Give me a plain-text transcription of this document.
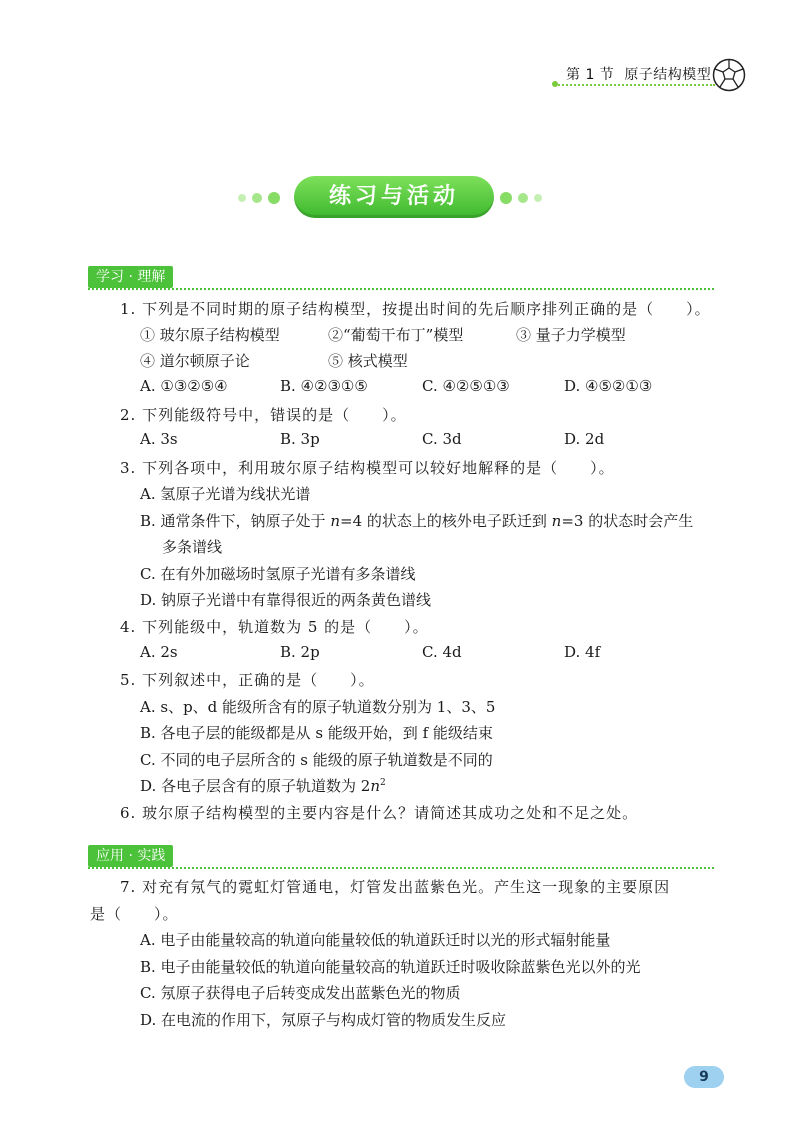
第 1 节 原子结构模型
练习与活动
学习 · 理解
1. 下列是不同时期的原子结构模型，按提出时间的先后顺序排列正确的是（　　）。
① 玻尔原子结构模型	②“葡萄干布丁”模型	③ 量子力学模型
④ 道尔顿原子论	⑤ 核式模型
A. ①③②⑤④	B. ④②③①⑤	C. ④②⑤①③	D. ④⑤②①③
2. 下列能级符号中，错误的是（　　）。
A. 3s	B. 3p	C. 3d	D. 2d
3. 下列各项中，利用玻尔原子结构模型可以较好地解释的是（　　）。
A. 氢原子光谱为线状光谱
B. 通常条件下，钠原子处于 n=4 的状态上的核外电子跃迁到 n=3 的状态时会产生
多条谱线
C. 在有外加磁场时氢原子光谱有多条谱线
D. 钠原子光谱中有靠得很近的两条黄色谱线
4. 下列能级中，轨道数为 5 的是（　　）。
A. 2s	B. 2p	C. 4d	D. 4f
5. 下列叙述中，正确的是（　　）。
A. s、p、d 能级所含有的原子轨道数分别为 1、3、5
B. 各电子层的能级都是从 s 能级开始，到 f 能级结束
C. 不同的电子层所含的 s 能级的原子轨道数是不同的
D. 各电子层含有的原子轨道数为 $2n^2$
6. 玻尔原子结构模型的主要内容是什么？请简述其成功之处和不足之处。
应用 · 实践
7. 对充有氖气的霓虹灯管通电，灯管发出蓝紫色光。产生这一现象的主要原因
是（　　）。
A. 电子由能量较高的轨道向能量较低的轨道跃迁时以光的形式辐射能量
B. 电子由能量较低的轨道向能量较高的轨道跃迁时吸收除蓝紫色光以外的光
C. 氖原子获得电子后转变成发出蓝紫色光的物质
D. 在电流的作用下，氖原子与构成灯管的物质发生反应
9
